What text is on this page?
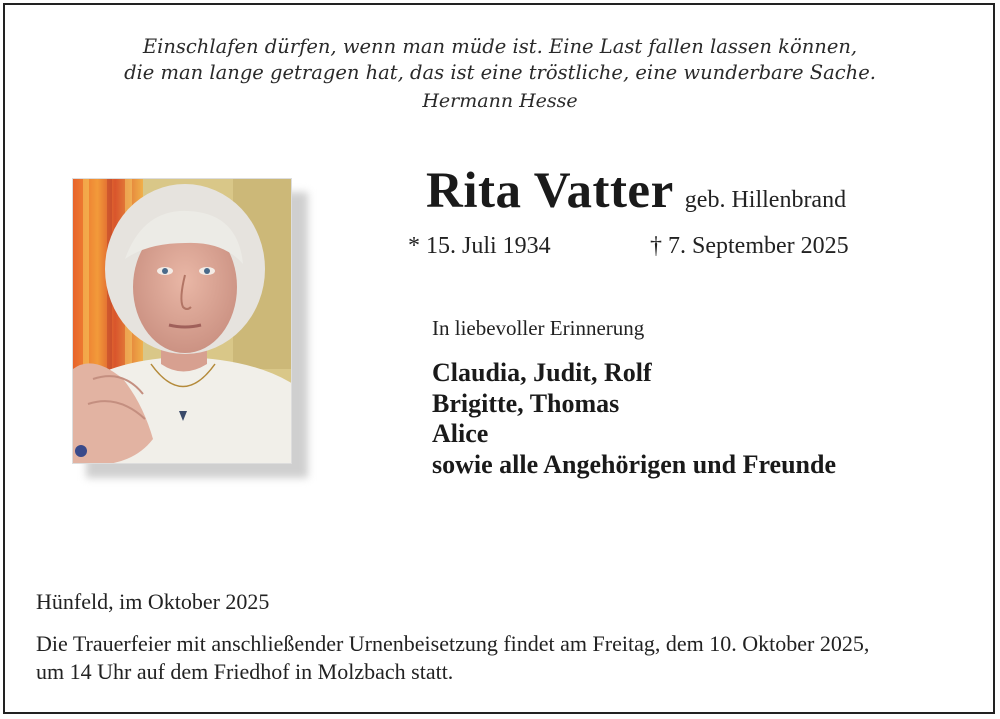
Einschlafen dürfen, wenn man müde ist. Eine Last fallen lassen können,
die man lange getragen hat, das ist eine tröstliche, eine wunderbare Sache.
Hermann Hesse
Rita Vatter geb. Hillenbrand
* 15. Juli 1934	† 7. September 2025
In liebevoller Erinnerung
Claudia, Judit, Rolf
Brigitte, Thomas
Alice
sowie alle Angehörigen und Freunde
Hünfeld, im Oktober 2025
Die Trauerfeier mit anschließender Urnenbeisetzung findet am Freitag, dem 10. Oktober 2025,
um 14 Uhr auf dem Friedhof in Molzbach statt.
